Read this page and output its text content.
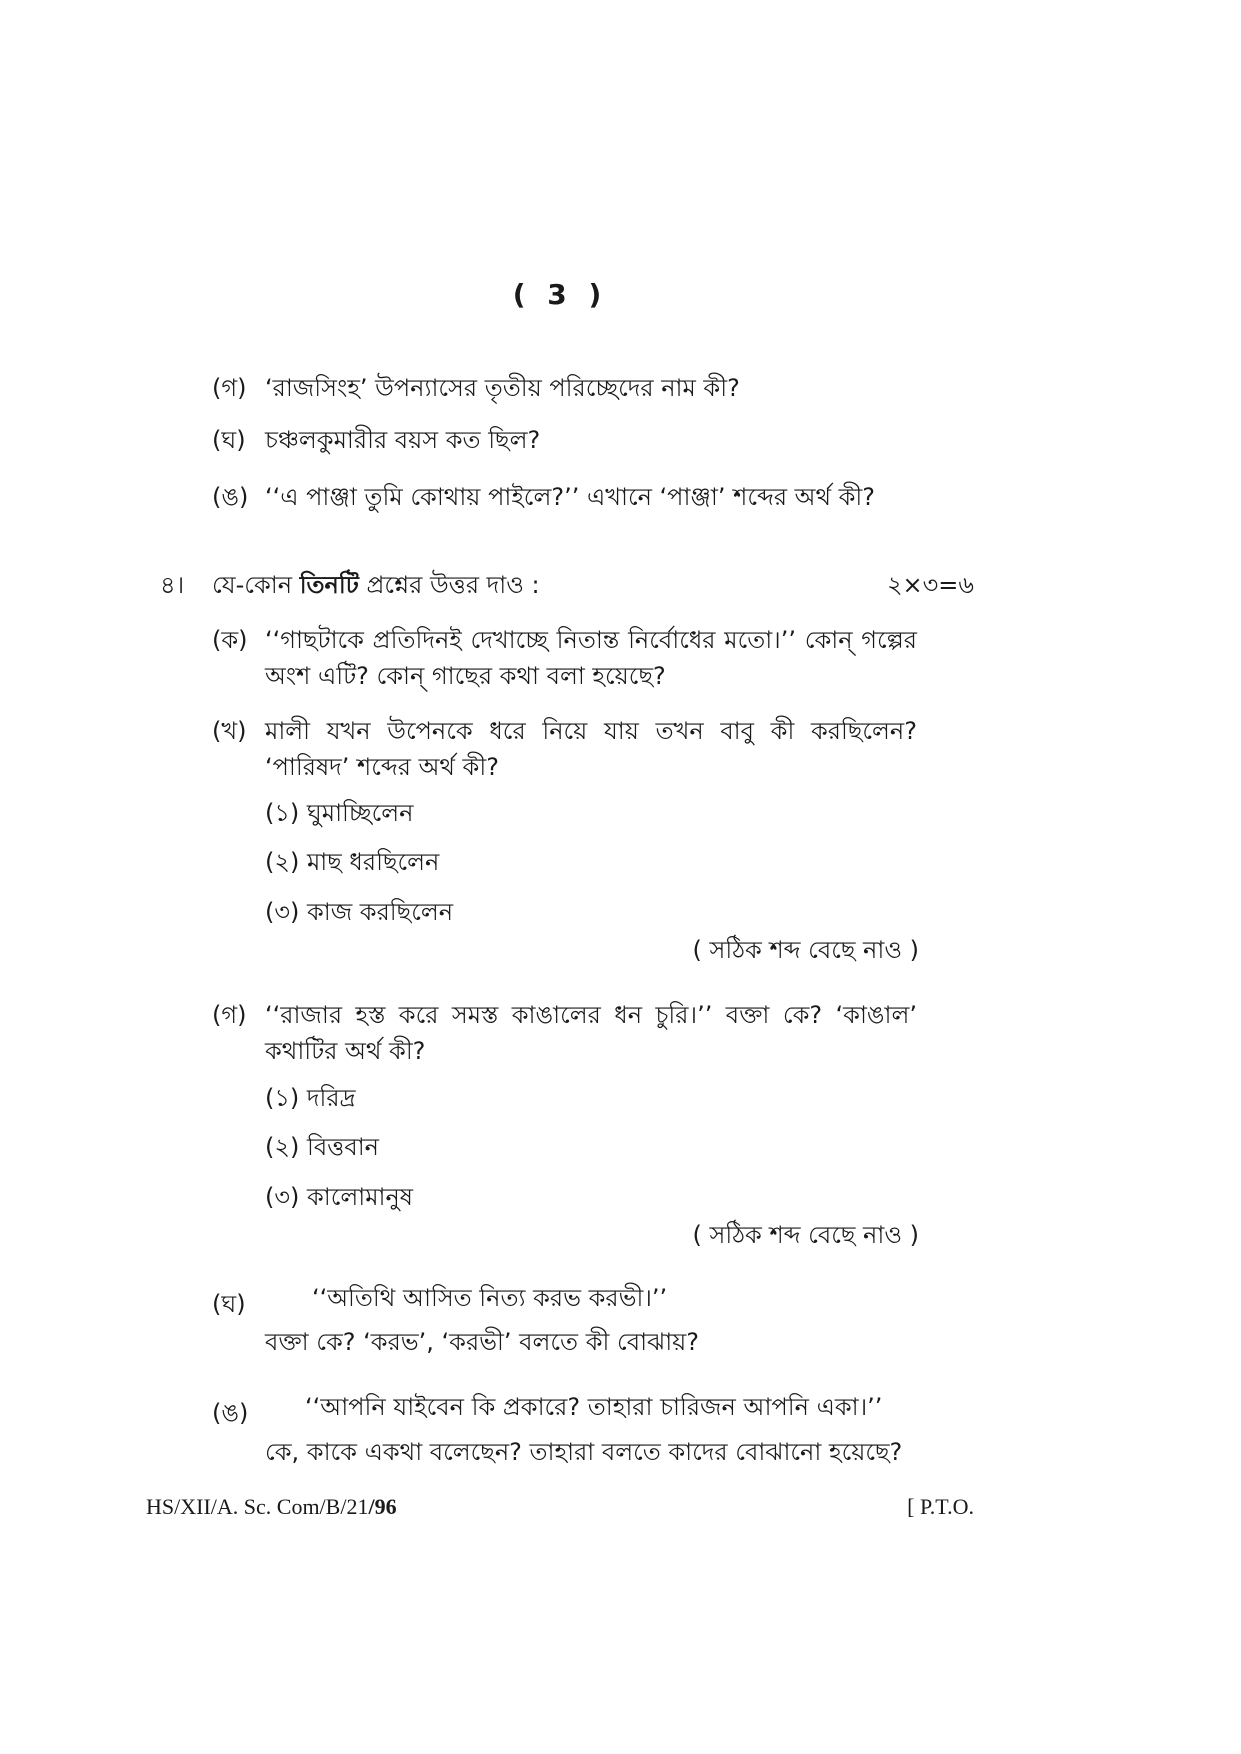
( 3 )
(গ) ‘রাজসিংহ’ উপন্যাসের তৃতীয় পরিচ্ছেদের নাম কী?
(ঘ) চঞ্চলকুমারীর বয়স কত ছিল?
(ঙ) ‘‘এ পাঞ্জা তুমি কোথায় পাইলে?’’ এখানে ‘পাঞ্জা’ শব্দের অর্থ কী?
৪। যে-কোন তিনটি প্রশ্নের উত্তর দাও :	২×৩=৬
(ক) ‘‘গাছটাকে প্রতিদিনই দেখাচ্ছে নিতান্ত নির্বোধের মতো।’’ কোন্ গল্পের
অংশ এটি? কোন্ গাছের কথা বলা হয়েছে?
(খ) মালী যখন উপেনকে ধরে নিয়ে যায় তখন বাবু কী করছিলেন?
‘পারিষদ’ শব্দের অর্থ কী?
(১) ঘুমাচ্ছিলেন
(২) মাছ ধরছিলেন
(৩) কাজ করছিলেন
( সঠিক শব্দ বেছে নাও )
(গ) ‘‘রাজার হস্ত করে সমস্ত কাঙালের ধন চুরি।’’ বক্তা কে? ‘কাঙাল’
কথাটির অর্থ কী?
(১) দরিদ্র
(২) বিত্তবান
(৩) কালোমানুষ
( সঠিক শব্দ বেছে নাও )
(ঘ)	‘‘অতিথি আসিত নিত্য করভ করভী।’’
বক্তা কে? ‘করভ’, ‘করভী’ বলতে কী বোঝায়?
(ঙ) ‘‘আপনি যাইবেন কি প্রকারে? তাহারা চারিজন আপনি একা।’’
কে, কাকে একথা বলেছেন? তাহারা বলতে কাদের বোঝানো হয়েছে?
HS/XII/A. Sc. Com/B/21/96	[ P.T.O.
